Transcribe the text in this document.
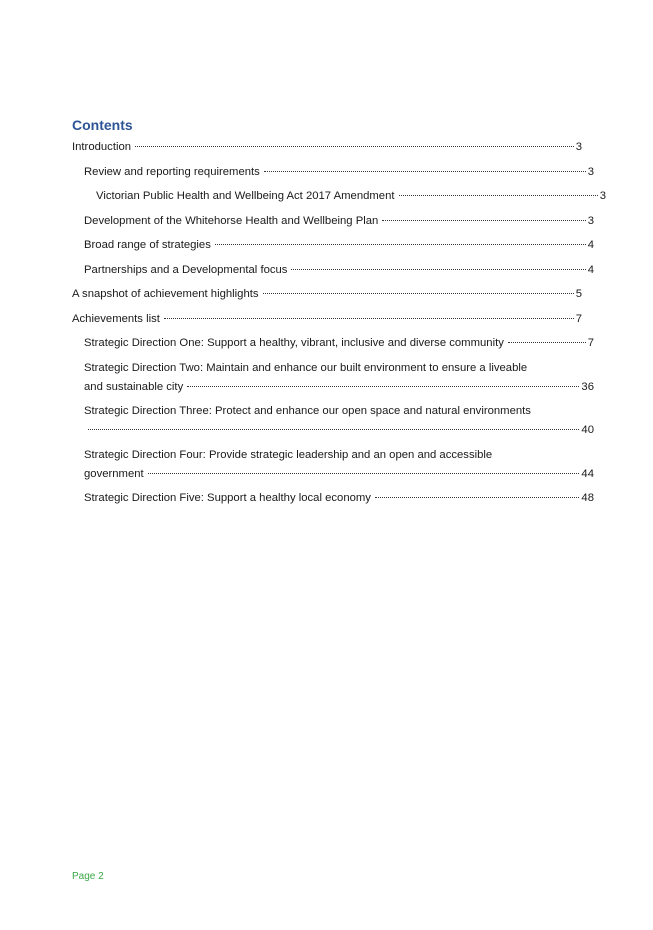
Contents
Introduction	3
Review and reporting requirements	3
Victorian Public Health and Wellbeing Act 2017 Amendment	3
Development of the Whitehorse Health and Wellbeing Plan	3
Broad range of strategies	4
Partnerships and a Developmental focus	4
A snapshot of achievement highlights	5
Achievements list	7
Strategic Direction One: Support a healthy, vibrant, inclusive and diverse community	7
Strategic Direction Two: Maintain and enhance our built environment to ensure a liveable
and sustainable city	36
Strategic Direction Three: Protect and enhance our open space and natural environments
40
Strategic Direction Four: Provide strategic leadership and an open and accessible
government	44
Strategic Direction Five: Support a healthy local economy	48
Page 2
